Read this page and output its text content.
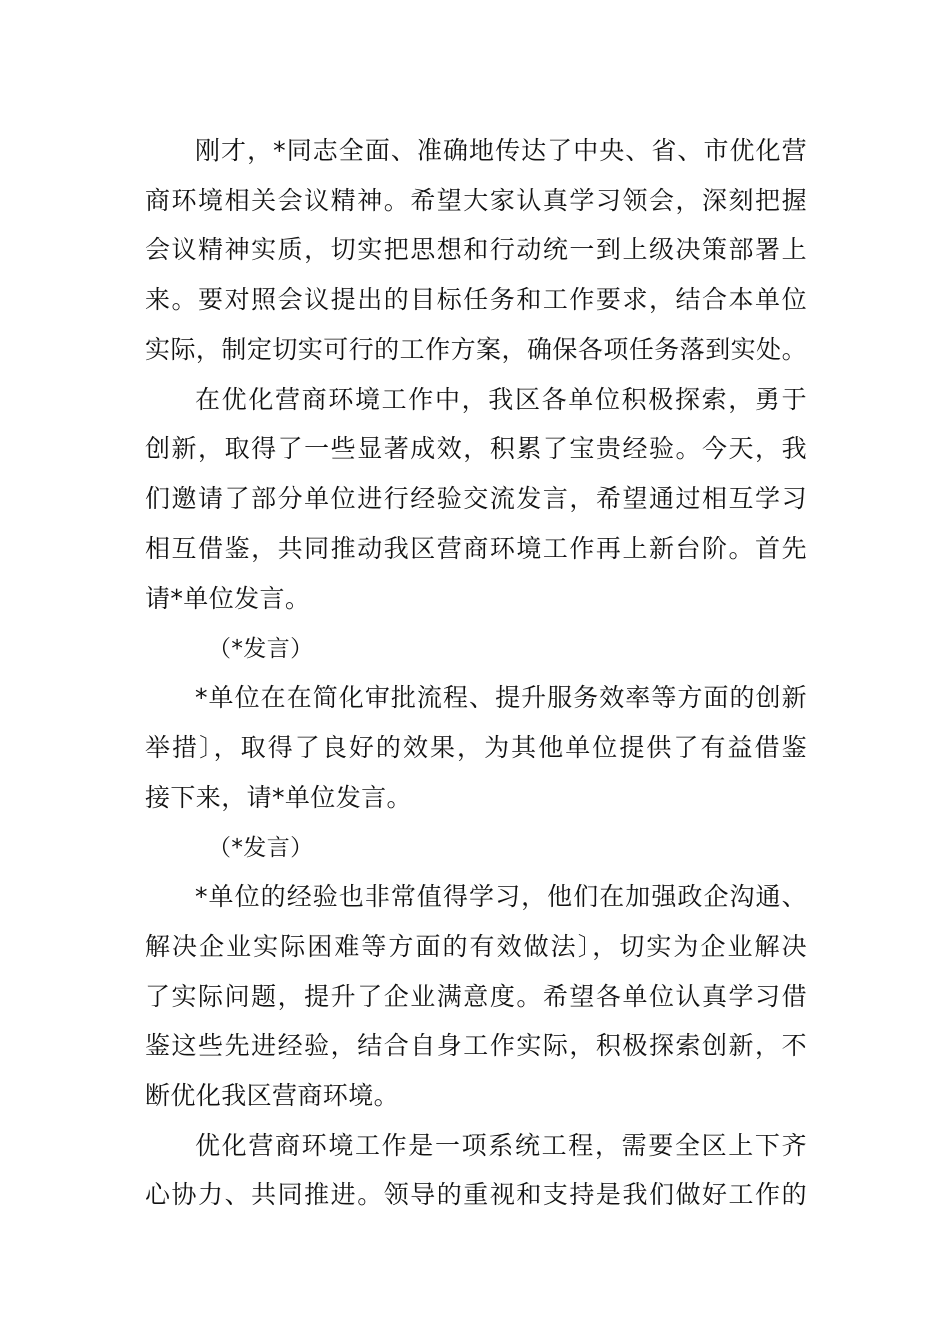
刚才，*同志全面、准确地传达了中央、省、市优化营
商环境相关会议精神。希望大家认真学习领会，深刻把握
会议精神实质，切实把思想和行动统一到上级决策部署上
来。要对照会议提出的目标任务和工作要求，结合本单位
实际，制定切实可行的工作方案，确保各项任务落到实处。
在优化营商环境工作中，我区各单位积极探索，勇于
创新，取得了一些显著成效，积累了宝贵经验。今天，我
们邀请了部分单位进行经验交流发言，希望通过相互学习
相互借鉴，共同推动我区营商环境工作再上新台阶。首先
请*单位发言。
（*发言）
*单位在在简化审批流程、提升服务效率等方面的创新
举措〕，取得了良好的效果，为其他单位提供了有益借鉴
接下来，请*单位发言。
（*发言）
*单位的经验也非常值得学习，他们在加强政企沟通、
解决企业实际困难等方面的有效做法〕，切实为企业解决
了实际问题，提升了企业满意度。希望各单位认真学习借
鉴这些先进经验，结合自身工作实际，积极探索创新，不
断优化我区营商环境。
优化营商环境工作是一项系统工程，需要全区上下齐
心协力、共同推进。领导的重视和支持是我们做好工作的
